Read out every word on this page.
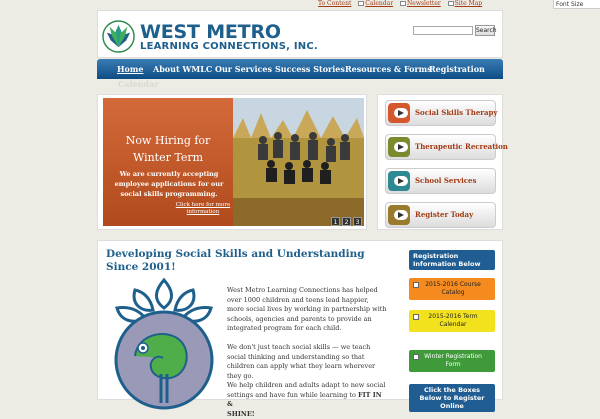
To Content Calendar Newsletter Site Map	Font Size
WEST METRO
LEARNING CONNECTIONS, INC.
Search
Home About WMLC Our Services Success Stories Resources & Forms
Registration
Calendar
Now Hiring for
Winter Term
We are currently accepting employee applications for our social skills programming.
Click here for more information
1	2	3
Social Skills Therapy
Therapeutic Recreation
School Services
Register Today
Developing Social Skills and Understanding Since 2001!
West Metro Learning Connections has helped over 1000 children and teens lead happier, more social lives by working in partnership with schools, agencies and parents to provide an integrated program for each child.
We don't just teach social skills — we teach social thinking and understanding so that children can apply what they learn wherever they go.
We help children and adults adapt to new social settings and have fun while learning to FIT IN &
SHINE!
Registration Information Below
2015-2016 Course Catalog
2015-2016 Term Calendar
Winter Registration Form
Click the Boxes Below to Register Online
